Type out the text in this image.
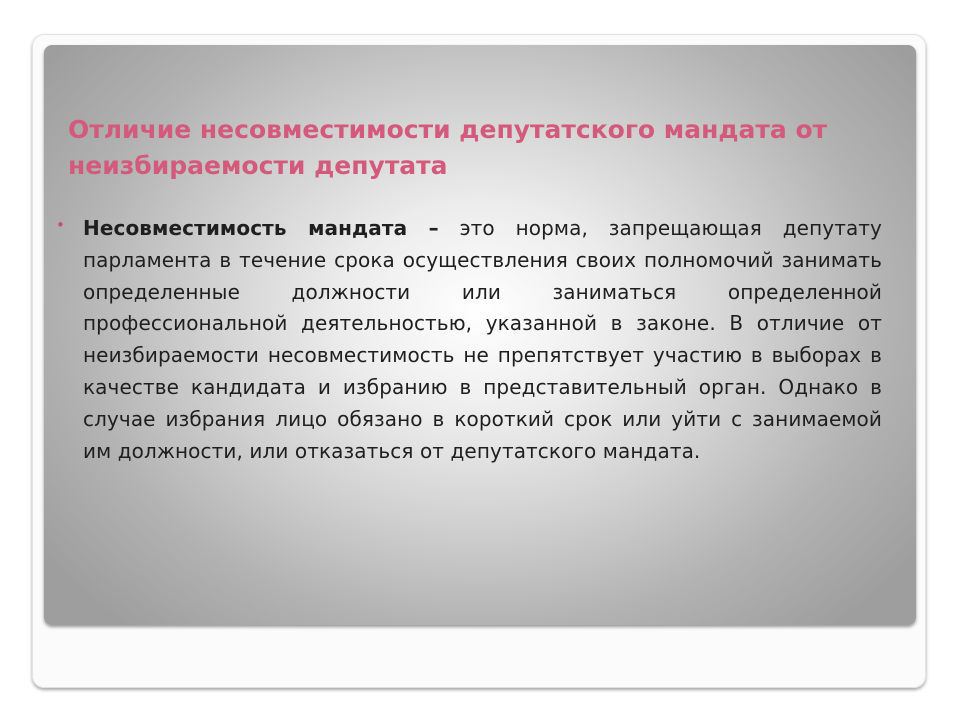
Отличие несовместимости депутатского мандата от неизбираемости депутата
• Несовместимость мандата – это норма, запрещающая депутату парламента в течение срока осуществления своих полномочий занимать определенные должности или заниматься определенной профессиональной деятельностью, указанной в законе. В отличие от неизбираемости несовместимость не препятствует участию в выборах в качестве кандидата и избранию в представительный орган. Однако в случае избрания лицо обязано в короткий срок или уйти с занимаемой им должности, или отказаться от депутатского мандата.
